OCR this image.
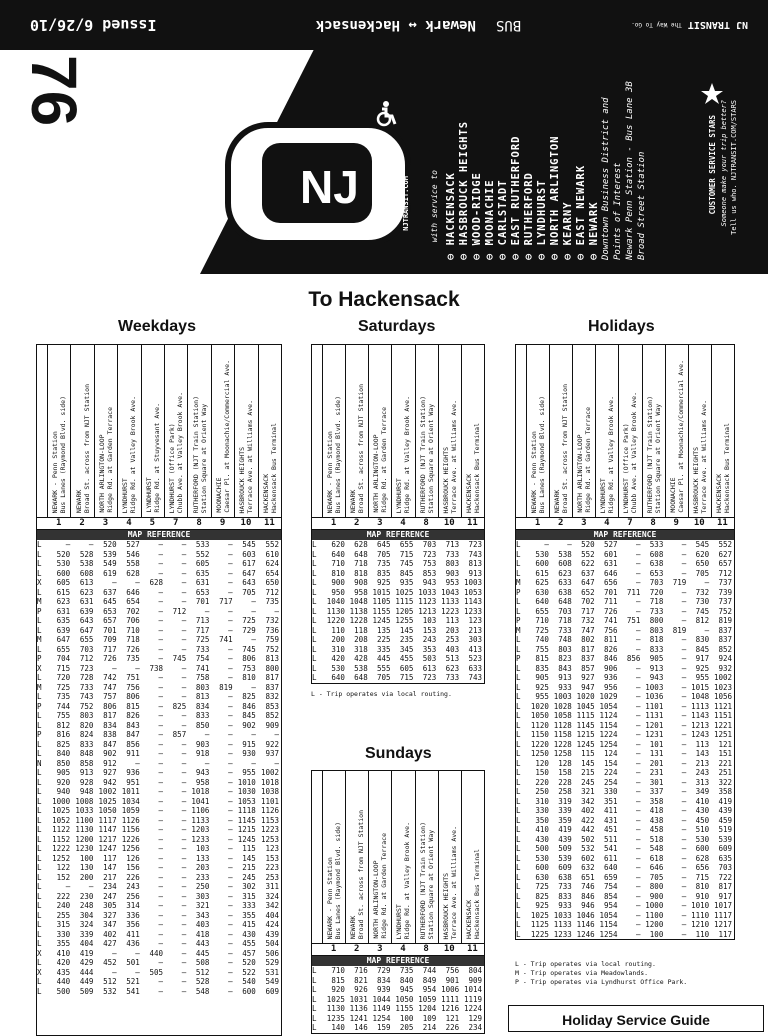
NJ TRANSIT
The Way To Go.
BUS
Newark ↔ Hackensack
Issued 6/26/10
76
NJ	NJTRANSIT.COM	with service to ⊖ HACKENSACK ⊖ HASBROUCK HEIGHTS ⊖ WOOD-RIDGE ⊖ MOONACHIE ⊖ CARLSTADT ⊖ EAST RUTHERFORD ⊖ RUTHERFORD ⊖ LYNDHURST ⊖ NORTH ARLINGTON ⊖ KEARNY ⊖ EAST NEWARK ⊖ NEWARK Downtown Business District and Points of Interest Newark Penn Station - Bus Lane 3B Broad Street Station	CUSTOMER SERVICE STARS Someone make your trip better? Tell us who. NJTRANSIT.COM/STARS
To Hackensack
Weekdays	Saturdays	Holidays
Sundays
NEWARK - Penn Station
Bus Lanes (Raymond Blvd. side)
NEWARK
Broad St. across from NJT Station
NORTH ARLINGTON-LOOP
Ridge Rd. at Garden Terrace
LYNDHURST
Ridge Rd. at Valley Brook Ave.
LYNDHURST
Ridge Rd. at Stuyvesant Ave.
LYNDHURST (Office Park)
Chubb Ave. at Valley Brook Ave.
RUTHERFORD (NJT Train Station)
Station Square at Orient Way
MOONACHIE
Caesar Pl. at Moonachie/Commercial Ave.
HASBROUCK HEIGHTS
Terrace Ave. at Williams Ave.
HACKENSACK
Hackensack Bus Terminal
1	2	3	4	5	7	8	9	10	11
MAP REFERENCE
L	–	–	520	527	–	–	533	–	545	552
L	520	528	539	546	–	–	552	–	603	610
L	530	538	549	558	–	–	605	–	617	624
L	600	608	619	628	–	–	635	–	647	654
X	605	613	–	–	628	–	631	–	643	650
L	615	623	637	646	–	–	653	–	705	712
M	623	631	645	654	–	–	701	717	–	735
P	631	639	653	702	–	712	–	–	–	–
L	635	643	657	706	–	–	713	–	725	732
L	639	647	701	710	–	–	717	–	729	736
M	647	655	709	718	–	–	725	741	–	759
L	655	703	717	726	–	–	733	–	745	752
P	704	712	726	735	–	745	754	–	806	813
X	715	723	–	–	738	–	741	–	753	800
L	720	728	742	751	–	–	758	–	810	817
M	725	733	747	756	–	–	803	819	–	837
L	735	743	757	806	–	–	813	–	825	832
P	744	752	806	815	–	825	834	–	846	853
L	755	803	817	826	–	–	833	–	845	852
L	812	820	834	843	–	–	850	–	902	909
P	816	824	838	847	–	857	–	–	–	–
L	825	833	847	856	–	–	903	–	915	922
L	840	848	902	911	–	–	918	–	930	937
N	850	858	912	–	–	–	–	–	–	–
L	905	913	927	936	–	–	943	–	955 1002
L	920	928	942	951	–	–	958	– 1010 1018
L	940	948 1002 1011	–	– 1018	– 1030 1038
L	1000 1008 1025 1034	–	– 1041	– 1053 1101
L	1025 1033 1050 1059	–	– 1106	– 1118 1126
L	1052 1100 1117 1126	–	– 1133	– 1145 1153
L	1122 1130 1147 1156	–	– 1203	– 1215 1223
L	1152 1200 1217 1226	–	– 1233	– 1245 1253
L	1222 1230 1247 1256	–	–	103	–	115	123
L	1252	100	117	126	–	–	133	–	145	153
L	122	130	147	156	–	–	203	–	215	223
L	152	200	217	226	–	–	233	–	245	253
L	–	–	234	243	–	–	250	–	302	311
L	222	230	247	256	–	–	303	–	315	324
L	240	248	305	314	–	–	321	–	333	342
L	255	304	327	336	–	–	343	–	355	404
L	315	324	347	356	–	–	403	–	415	424
L	330	339	402	411	–	–	418	–	430	439
L	355	404	427	436	–	–	443	–	455	504
X	410	419	–	–	440	–	445	–	457	506
L	420	429	452	501	–	–	508	–	520	529
X	435	444	–	–	505	–	512	–	522	531
L	440	449	512	521	–	–	528	–	540	549
L	500	509	532	541	–	–	548	–	600	609
NEWARK - Penn Station
Bus Lanes (Raymond Blvd. side)
NEWARK
Broad St. across from NJT Station
NORTH ARLINGTON-LOOP
Ridge Rd. at Garden Terrace
LYNDHURST
Ridge Rd. at Valley Brook Ave.
RUTHERFORD (NJT Train Station)
Station Square at Orient Way
HASBROUCK HEIGHTS
Terrace Ave. at Williams Ave.
HACKENSACK
Hackensack Bus Terminal
1	2	3	4	8	10	11
MAP REFERENCE
L	620	628	645	655	703	713	723
L	640	648	705	715	723	733	743
L	710	718	735	745	753	803	813
L	810	818	835	845	853	903	913
L	900	908	925	935	943	953 1003
L	950	958 1015 1025 1033 1043 1053
L	1040 1048 1105 1115 1123 1133 1143
L	1130 1138 1155 1205 1213 1223 1233
L	1220 1228 1245 1255	103	113	123
L	110	118	135	145	153	203	213
L	200	208	225	235	243	253	303
L	310	318	335	345	353	403	413
L	420	428	445	455	503	513	523
L	530	538	555	605	613	623	633
L	640	648	705	715	723	733	743
NEWARK - Penn Station
Bus Lanes (Raymond Blvd. side)
NEWARK
Broad St. across from NJT Station
NORTH ARLINGTON-LOOP
Ridge Rd. at Garden Terrace
LYNDHURST
Ridge Rd. at Valley Brook Ave.
LYNDHURST (Office Park)
Chubb Ave. at Valley Brook Ave.
RUTHERFORD (NJT Train Station)
Station Square at Orient Way
MOONACHIE
Caesar Pl. at Moonachie/Commercial Ave.
HASBROUCK HEIGHTS
Terrace Ave. at Williams Ave.
HACKENSACK
Hackensack Bus Terminal
1	2	3	4	7	8	9	10	11
MAP REFERENCE
L	–	–	520	527	–	533	–	545	552
L	530	538	552	601	–	608	–	620	627
L	600	608	622	631	–	638	–	650	657
L	615	623	637	646	–	653	–	705	712
M	625	633	647	656	–	703	719	–	737
P	630	638	652	701	711	720	–	732	739
L	640	648	702	711	–	718	–	730	737
L	655	703	717	726	–	733	–	745	752
P	710	718	732	741	751	800	–	812	819
M	725	733	747	756	–	803	819	–	837
L	740	748	802	811	–	818	–	830	837
L	755	803	817	826	–	833	–	845	852
P	815	823	837	846	856	905	–	917	924
L	835	843	857	906	–	913	–	925	932
L	905	913	927	936	–	943	–	955 1002
L	925	933	947	956	– 1003	– 1015 1023
L	955 1003 1020 1029	– 1036	– 1048 1056
L	1020 1028 1045 1054	– 1101	– 1113 1121
L	1050 1058 1115 1124	– 1131	– 1143 1151
L	1120 1128 1145 1154	– 1201	– 1213 1221
L	1150 1158 1215 1224	– 1231	– 1243 1251
L	1220 1228 1245 1254	–	101	–	113	121
L	1250 1258	115	124	–	131	–	143	151
L	120	128	145	154	–	201	–	213	221
L	150	158	215	224	–	231	–	243	251
L	220	228	245	254	–	301	–	313	322
L	250	258	321	330	–	337	–	349	358
L	310	319	342	351	–	358	–	410	419
L	330	339	402	411	–	418	–	430	439
L	350	359	422	431	–	438	–	450	459
L	410	419	442	451	–	458	–	510	519
L	430	439	502	511	–	518	–	530	539
L	500	509	532	541	–	548	–	600	609
L	530	539	602	611	–	618	–	628	635
L	600	609	632	640	–	646	–	656	703
L	630	638	651	659	–	705	–	715	722
L	725	733	746	754	–	800	–	810	817
L	825	833	846	854	–	900	–	910	917
L	925	933	946	954	– 1000	– 1010 1017
L	1025 1033 1046 1054	– 1100	– 1110 1117
L	1125 1133 1146 1154	– 1200	– 1210 1217
L	1225 1233 1246 1254	–	100	–	110	117
NEWARK - Penn Station
Bus Lanes (Raymond Blvd. side)
NEWARK
Broad St. across from NJT Station
NORTH ARLINGTON-LOOP
Ridge Rd. at Garden Terrace
LYNDHURST
Ridge Rd. at Valley Brook Ave.
RUTHERFORD (NJT Train Station)
Station Square at Orient Way
HASBROUCK HEIGHTS
Terrace Ave. at Williams Ave.
HACKENSACK
Hackensack Bus Terminal
1	2	3	4	8	10	11
MAP REFERENCE
L	710	716	729	735	744	756	804
L	815	821	834	840	849	901	909
L	920	926	939	945	954 1006 1014
L	1025 1031 1044 1050 1059 1111 1119
L	1130 1136 1149 1155 1204 1216 1224
L	1235 1241 1254	100	109	121	129
L	140	146	159	205	214	226	234
L - Trip operates via local routing.
L - Trip operates via local routing.
M - Trip operates via Meadowlands.
P - Trip operates via Lyndhurst Office Park.
Holiday Service Guide
